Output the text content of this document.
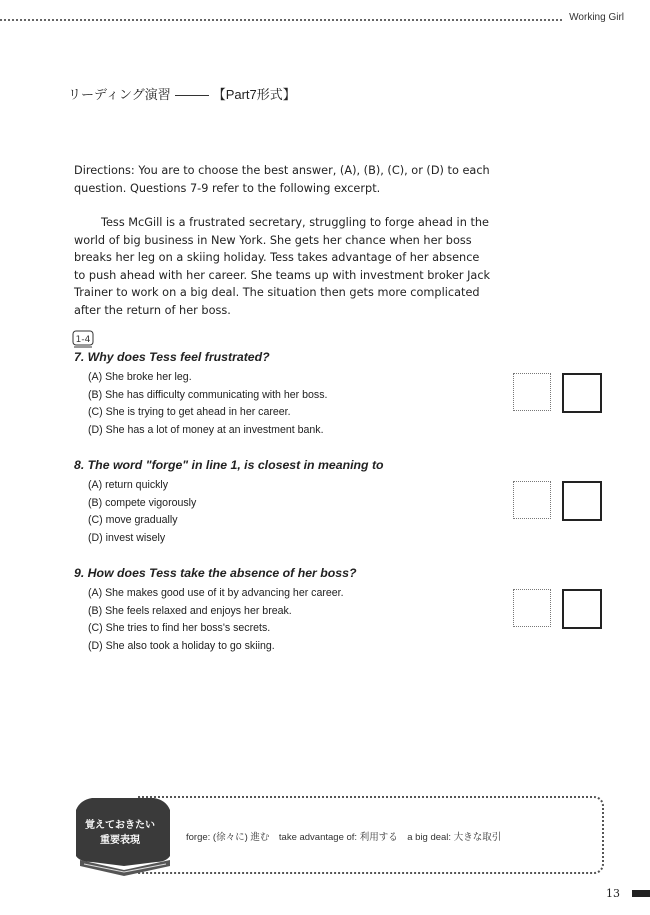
Working Girl
リーディング演習	【Part7形式】
Directions: You are to choose the best answer, (A), (B), (C), or (D) to each question. Questions 7-9 refer to the following excerpt.
Tess McGill is a frustrated secretary, struggling to forge ahead in the world of big business in New York. She gets her chance when her boss breaks her leg on a skiing holiday. Tess takes advantage of her absence to push ahead with her career. She teams up with investment broker Jack Trainer to work on a big deal. The situation then gets more complicated after the return of her boss.
1-4
7. Why does Tess feel frustrated?
(A) She broke her leg.
(B) She has difficulty communicating with her boss.
(C) She is trying to get ahead in her career.
(D) She has a lot of money at an investment bank.
8. The word "forge" in line 1, is closest in meaning to
(A) return quickly
(B) compete vigorously
(C) move gradually
(D) invest wisely
9. How does Tess take the absence of her boss?
(A) She makes good use of it by advancing her career.
(B) She feels relaxed and enjoys her break.
(C) She tries to find her boss's secrets.
(D) She also took a holiday to go skiing.
覚えておきたい
重要表現	forge: (徐々に) 進む　take advantage of: 利用する　a big deal: 大きな取引
13
